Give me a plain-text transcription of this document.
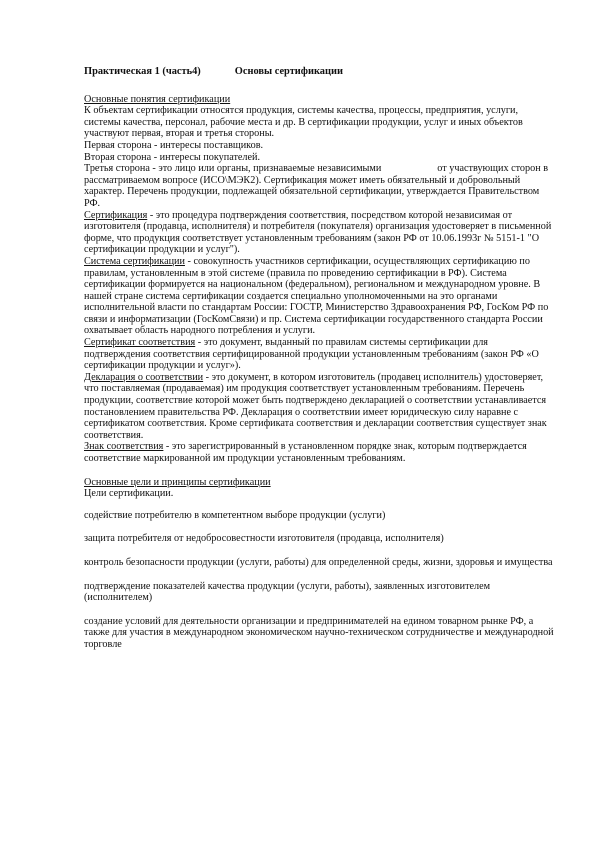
Практическая 1 (часть4)	Основы сертификации

Основные понятия сертификации

К объектам сертификации относятся продукция, системы качества, процессы, предприятия, услуги, системы качества, персонал, рабочие места и др. В сертификации продукции, услуг и иных объектов участвуют первая, вторая и третья стороны.

Первая сторона - интересы поставщиков.

Вторая сторона - интересы покупателей.

Третья сторона - это лицо или органы, признаваемые независимыми                      от участвующих сторон в рассматриваемом вопросе (ИСО\МЭК2). Сертификация может иметь обязательный и добровольный характер. Перечень продукции, подлежащей обязательной сертификации, утверждается Правительством РФ.

Сертификация - это процедура подтверждения соответствия, посредством которой независимая от изготовителя (продавца, исполнителя) и потребителя (покупателя) организация удостоверяет в письменной форме, что продукция соответствует установленным требованиям (закон РФ от 10.06.1993г № 5151-1 "О сертификации продукции и услуг").

Система сертификации - совокупность участников сертификации, осуществляющих сертификацию по правилам, установленным в этой системе (правила по проведению сертификации в РФ). Система сертификации формируется на национальном (федеральном), региональном и международном уровне. В нашей стране система сертификации создается специально уполномоченными на это органами исполнительной власти по стандартам России: ГОСТР, Министерство Здравоохранения РФ, ГосКом РФ по связи и информатизации (ГосКомСвязи) и пр. Система сертификации государственного стандарта России охватывает область народного потребления и услуги.

Сертификат соответствия - это документ, выданный по правилам системы сертификации для подтверждения соответствия сертифицированной продукции установленным требованиям (закон РФ «О сертификации продукции и услуг»).

Декларация о соответствии - это документ, в котором изготовитель (продавец исполнитель) удостоверяет, что поставляемая (продаваемая) им продукция соответствует установленным требованиям. Перечень продукции, соответствие которой может быть подтверждено декларацией о соответствии устанавливается постановлением правительства РФ. Декларация о соответствии имеет юридическую силу наравне с сертификатом соответствия. Кроме сертификата соответствия и декларации соответствия существует знак соответствия.

Знак соответствия - это зарегистрированный в установленном порядке знак, которым подтверждается соответствие маркированной им продукции установленным требованиям.

Основные цели и принципы сертификации

Цели сертификации.

содействие потребителю в компетентном выборе продукции (услуги)

защита потребителя от недобросовестности изготовителя (продавца, исполнителя)

контроль безопасности продукции (услуги, работы) для определенной среды, жизни, здоровья и имущества

подтверждение показателей качества продукции (услуги, работы), заявленных изготовителем (исполнителем)

создание условий для деятельности организации и предпринимателей на едином товарном рынке РФ, а также для участия в международном экономическом научно-техническом сотрудничестве и международной торговле
